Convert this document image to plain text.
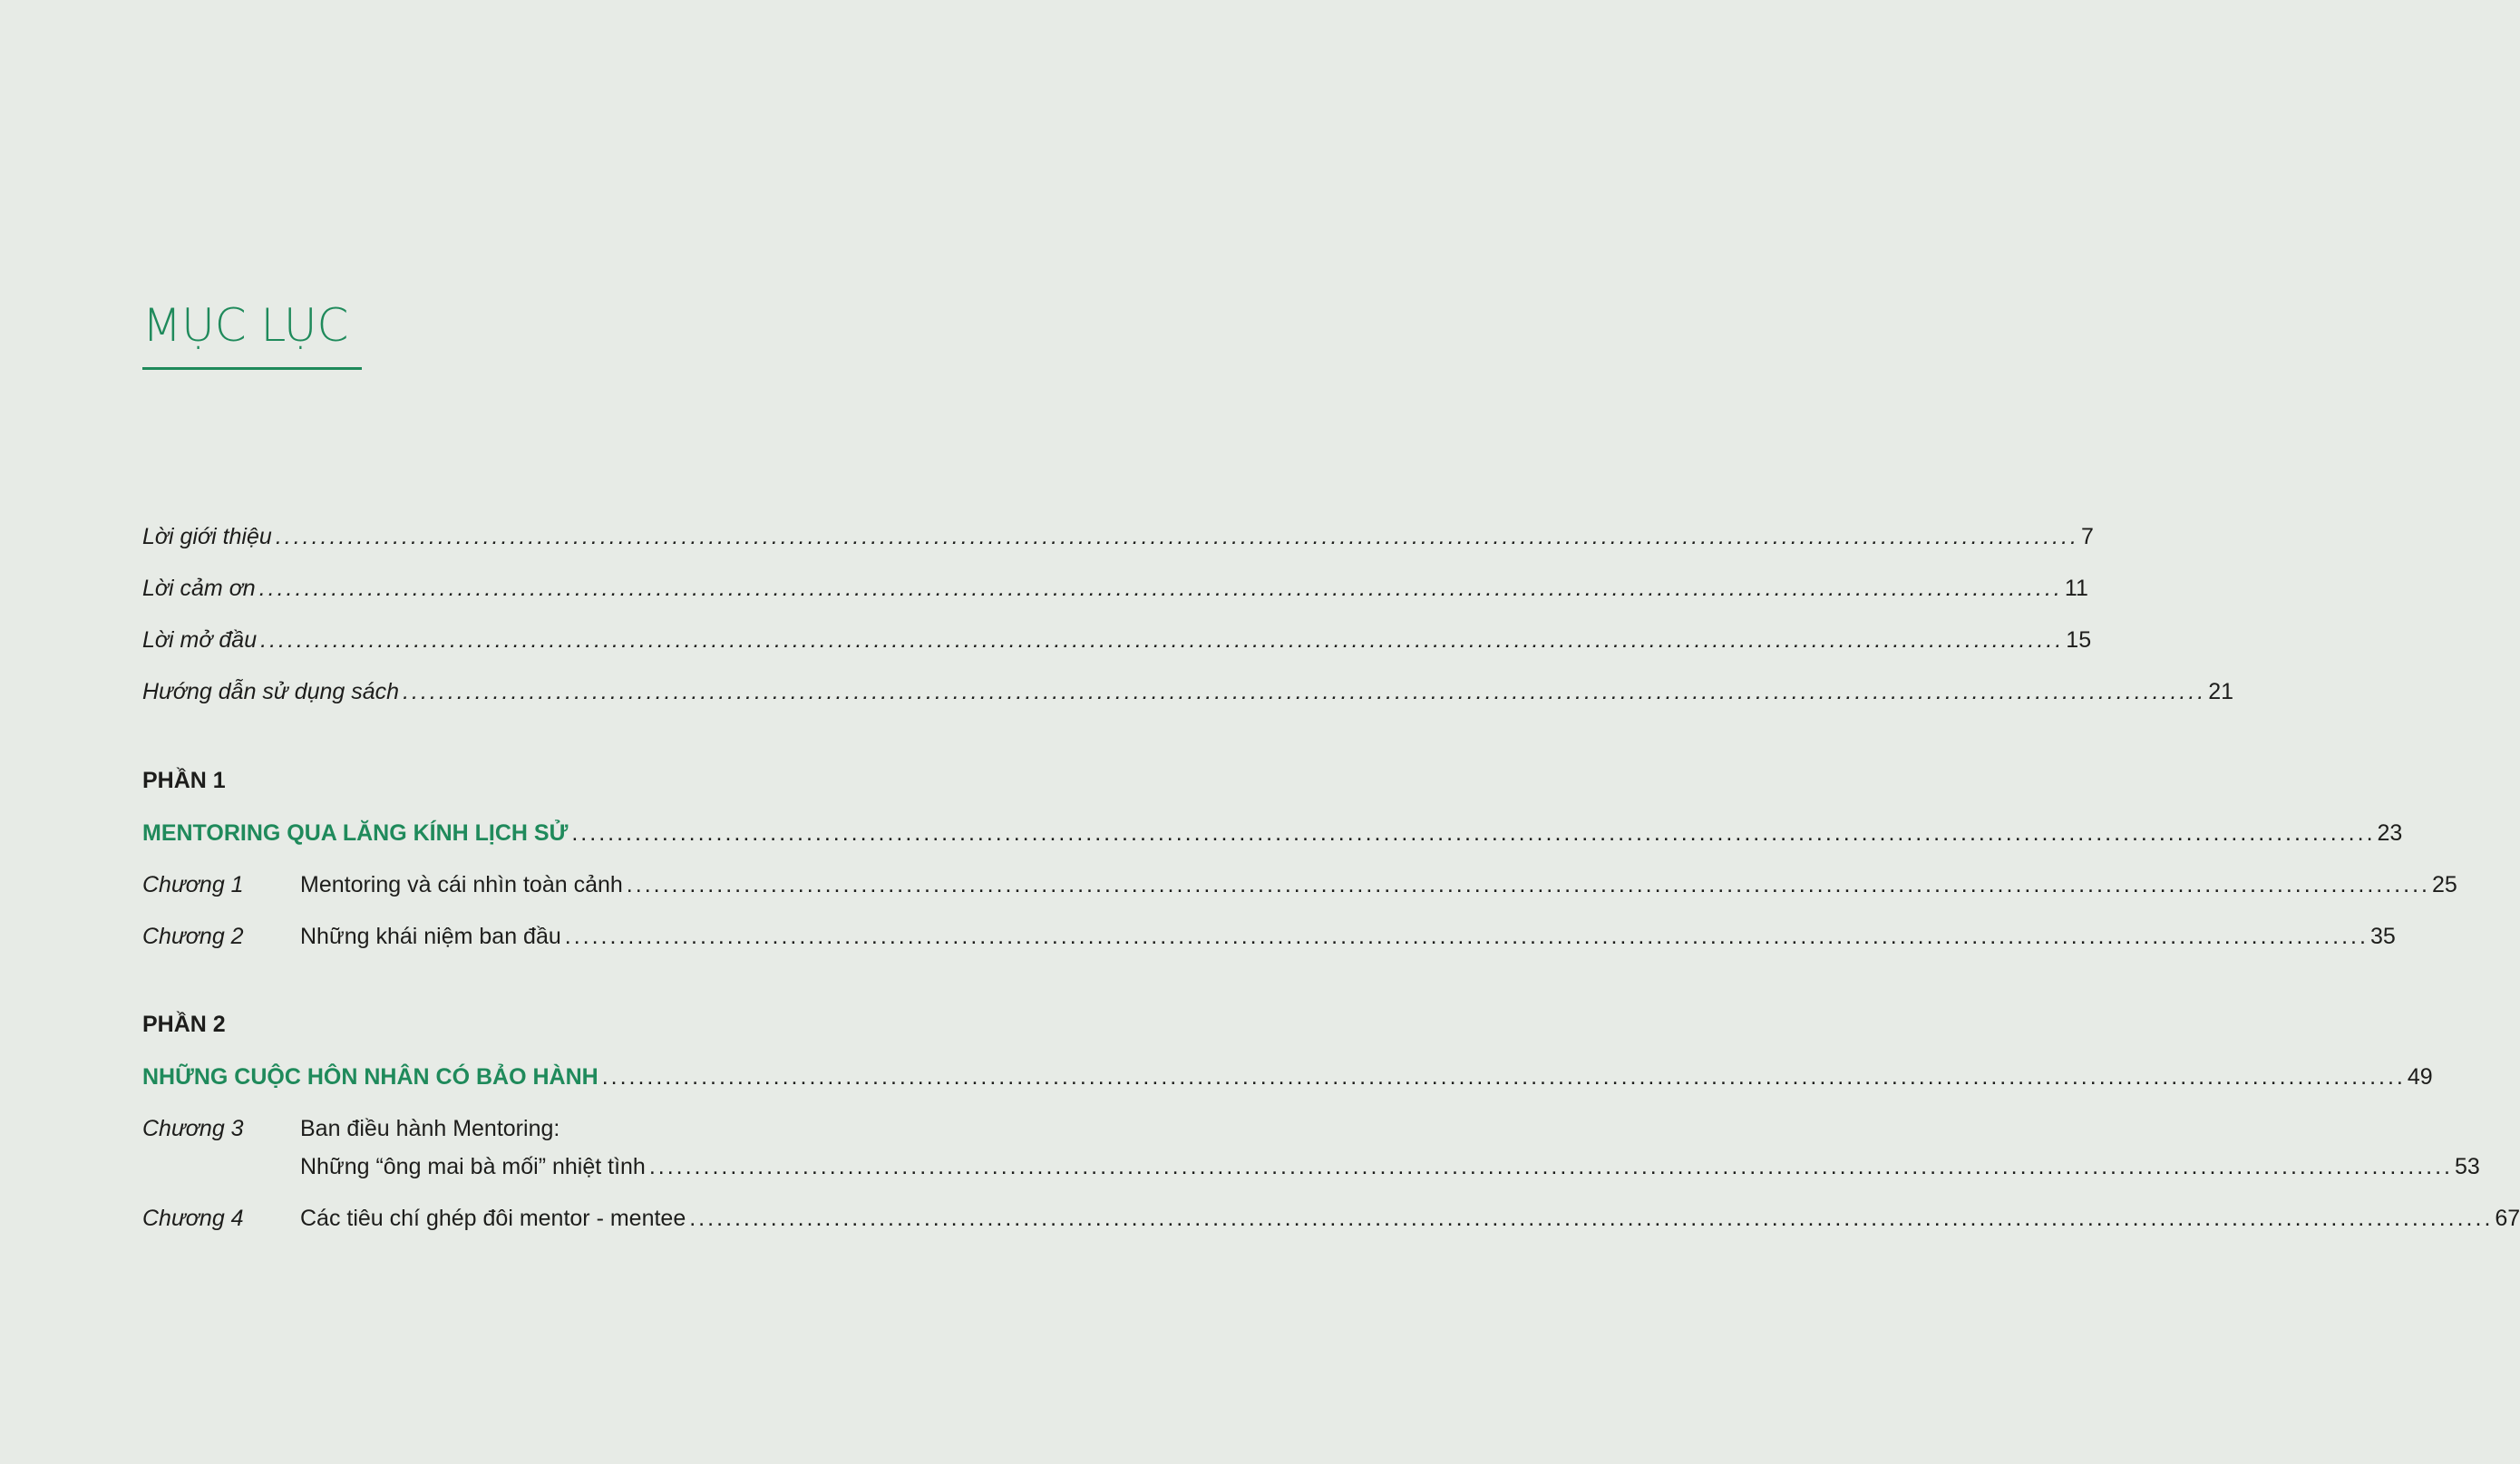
MỤC LỤC
Lời giới thiệu ........................................................................................................................................................................................................ 7
Lời cảm ơn ........................................................................................................................................................................................................ 11
Lời mở đầu ........................................................................................................................................................................................................ 15
Hướng dẫn sử dụng sách ........................................................................................................................................................................................................ 21
PHẦN 1
MENTORING QUA LĂNG KÍNH LỊCH SỬ ........................................................................................................................................................................................................ 23
Chương 1	Mentoring và cái nhìn toàn cảnh ........................................................................................................................................................................................................ 25
Chương 2	Những khái niệm ban đầu ........................................................................................................................................................................................................ 35
PHẦN 2
NHỮNG CUỘC HÔN NHÂN CÓ BẢO HÀNH ........................................................................................................................................................................................................ 49
Chương 3	Ban điều hành Mentoring:
Những “ông mai bà mối” nhiệt tình ........................................................................................................................................................................................................ 53
Chương 4	Các tiêu chí ghép đôi mentor - mentee ........................................................................................................................................................................................................ 67
